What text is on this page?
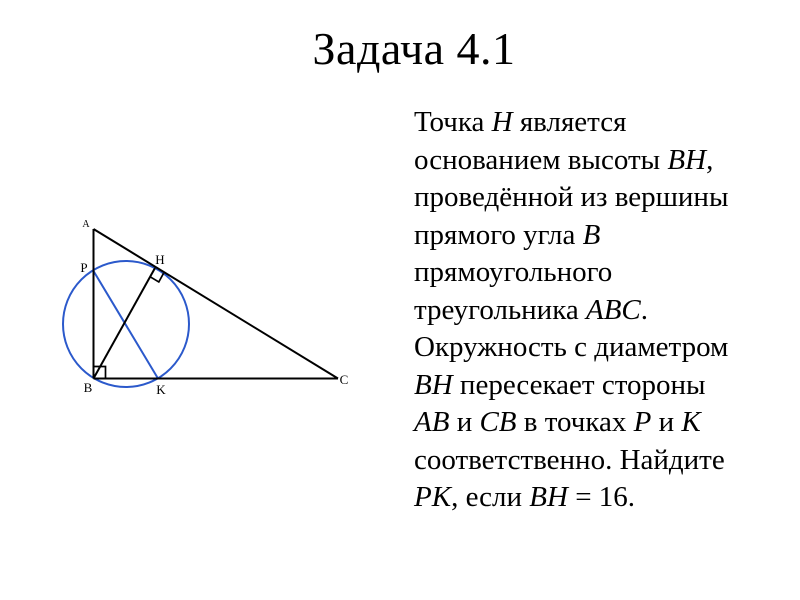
Задача 4.1
A
P
B
H
K
C
Точка H является
основанием высоты BH,
проведённой из вершины
прямого угла B
прямоугольного
треугольника ABC.
Окружность с диаметром
BH пересекает стороны
AB и CB в точках P и K
соответственно. Найдите
PK, если BH = 16.
